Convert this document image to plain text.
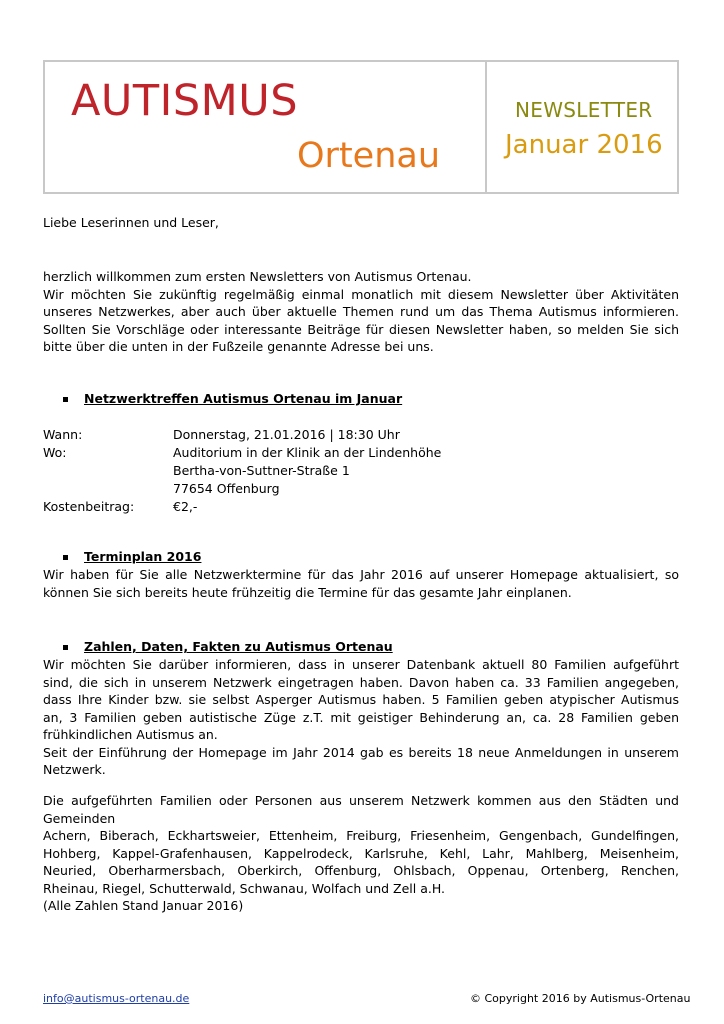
AUTISMUS
Ortenau
NEWSLETTER
Januar 2016
Liebe Leserinnen und Leser,
herzlich willkommen zum ersten Newsletters von Autismus Ortenau.
Wir möchten Sie zukünftig regelmäßig einmal monatlich mit diesem Newsletter über Aktivitäten
unseres Netzwerkes, aber auch über aktuelle Themen rund um das Thema Autismus informieren.
Sollten Sie Vorschläge oder interessante Beiträge für diesen Newsletter haben, so melden Sie sich
bitte über die unten in der Fußzeile genannte Adresse bei uns.
Netzwerktreffen Autismus Ortenau im Januar
Wann:	Donnerstag, 21.01.2016 | 18:30 Uhr
Wo:	Auditorium in der Klinik an der Lindenhöhe
Bertha-von-Suttner-Straße 1
77654 Offenburg
Kostenbeitrag:	€2,-
Terminplan 2016
Wir haben für Sie alle Netzwerktermine für das Jahr 2016 auf unserer Homepage aktualisiert, so
können Sie sich bereits heute frühzeitig die Termine für das gesamte Jahr einplanen.
Zahlen, Daten, Fakten zu Autismus Ortenau
Wir möchten Sie darüber informieren, dass in unserer Datenbank aktuell 80 Familien aufgeführt
sind, die sich in unserem Netzwerk eingetragen haben. Davon haben ca. 33 Familien angegeben,
dass Ihre Kinder bzw. sie selbst Asperger Autismus haben. 5 Familien geben atypischer Autismus
an, 3 Familien geben autistische Züge z.T. mit geistiger Behinderung an, ca. 28 Familien geben
frühkindlichen Autismus an.
Seit der Einführung der Homepage im Jahr 2014 gab es bereits 18 neue Anmeldungen in unserem
Netzwerk.
Die aufgeführten Familien oder Personen aus unserem Netzwerk kommen aus den Städten und
Gemeinden
Achern, Biberach, Eckhartsweier, Ettenheim, Freiburg, Friesenheim, Gengenbach, Gundelfingen,
Hohberg, Kappel-Grafenhausen, Kappelrodeck, Karlsruhe, Kehl, Lahr, Mahlberg, Meisenheim,
Neuried, Oberharmersbach, Oberkirch, Offenburg, Ohlsbach, Oppenau, Ortenberg, Renchen,
Rheinau, Riegel, Schutterwald, Schwanau, Wolfach und Zell a.H.
(Alle Zahlen Stand Januar 2016)
info@autismus-ortenau.de	© Copyright 2016 by Autismus-Ortenau
